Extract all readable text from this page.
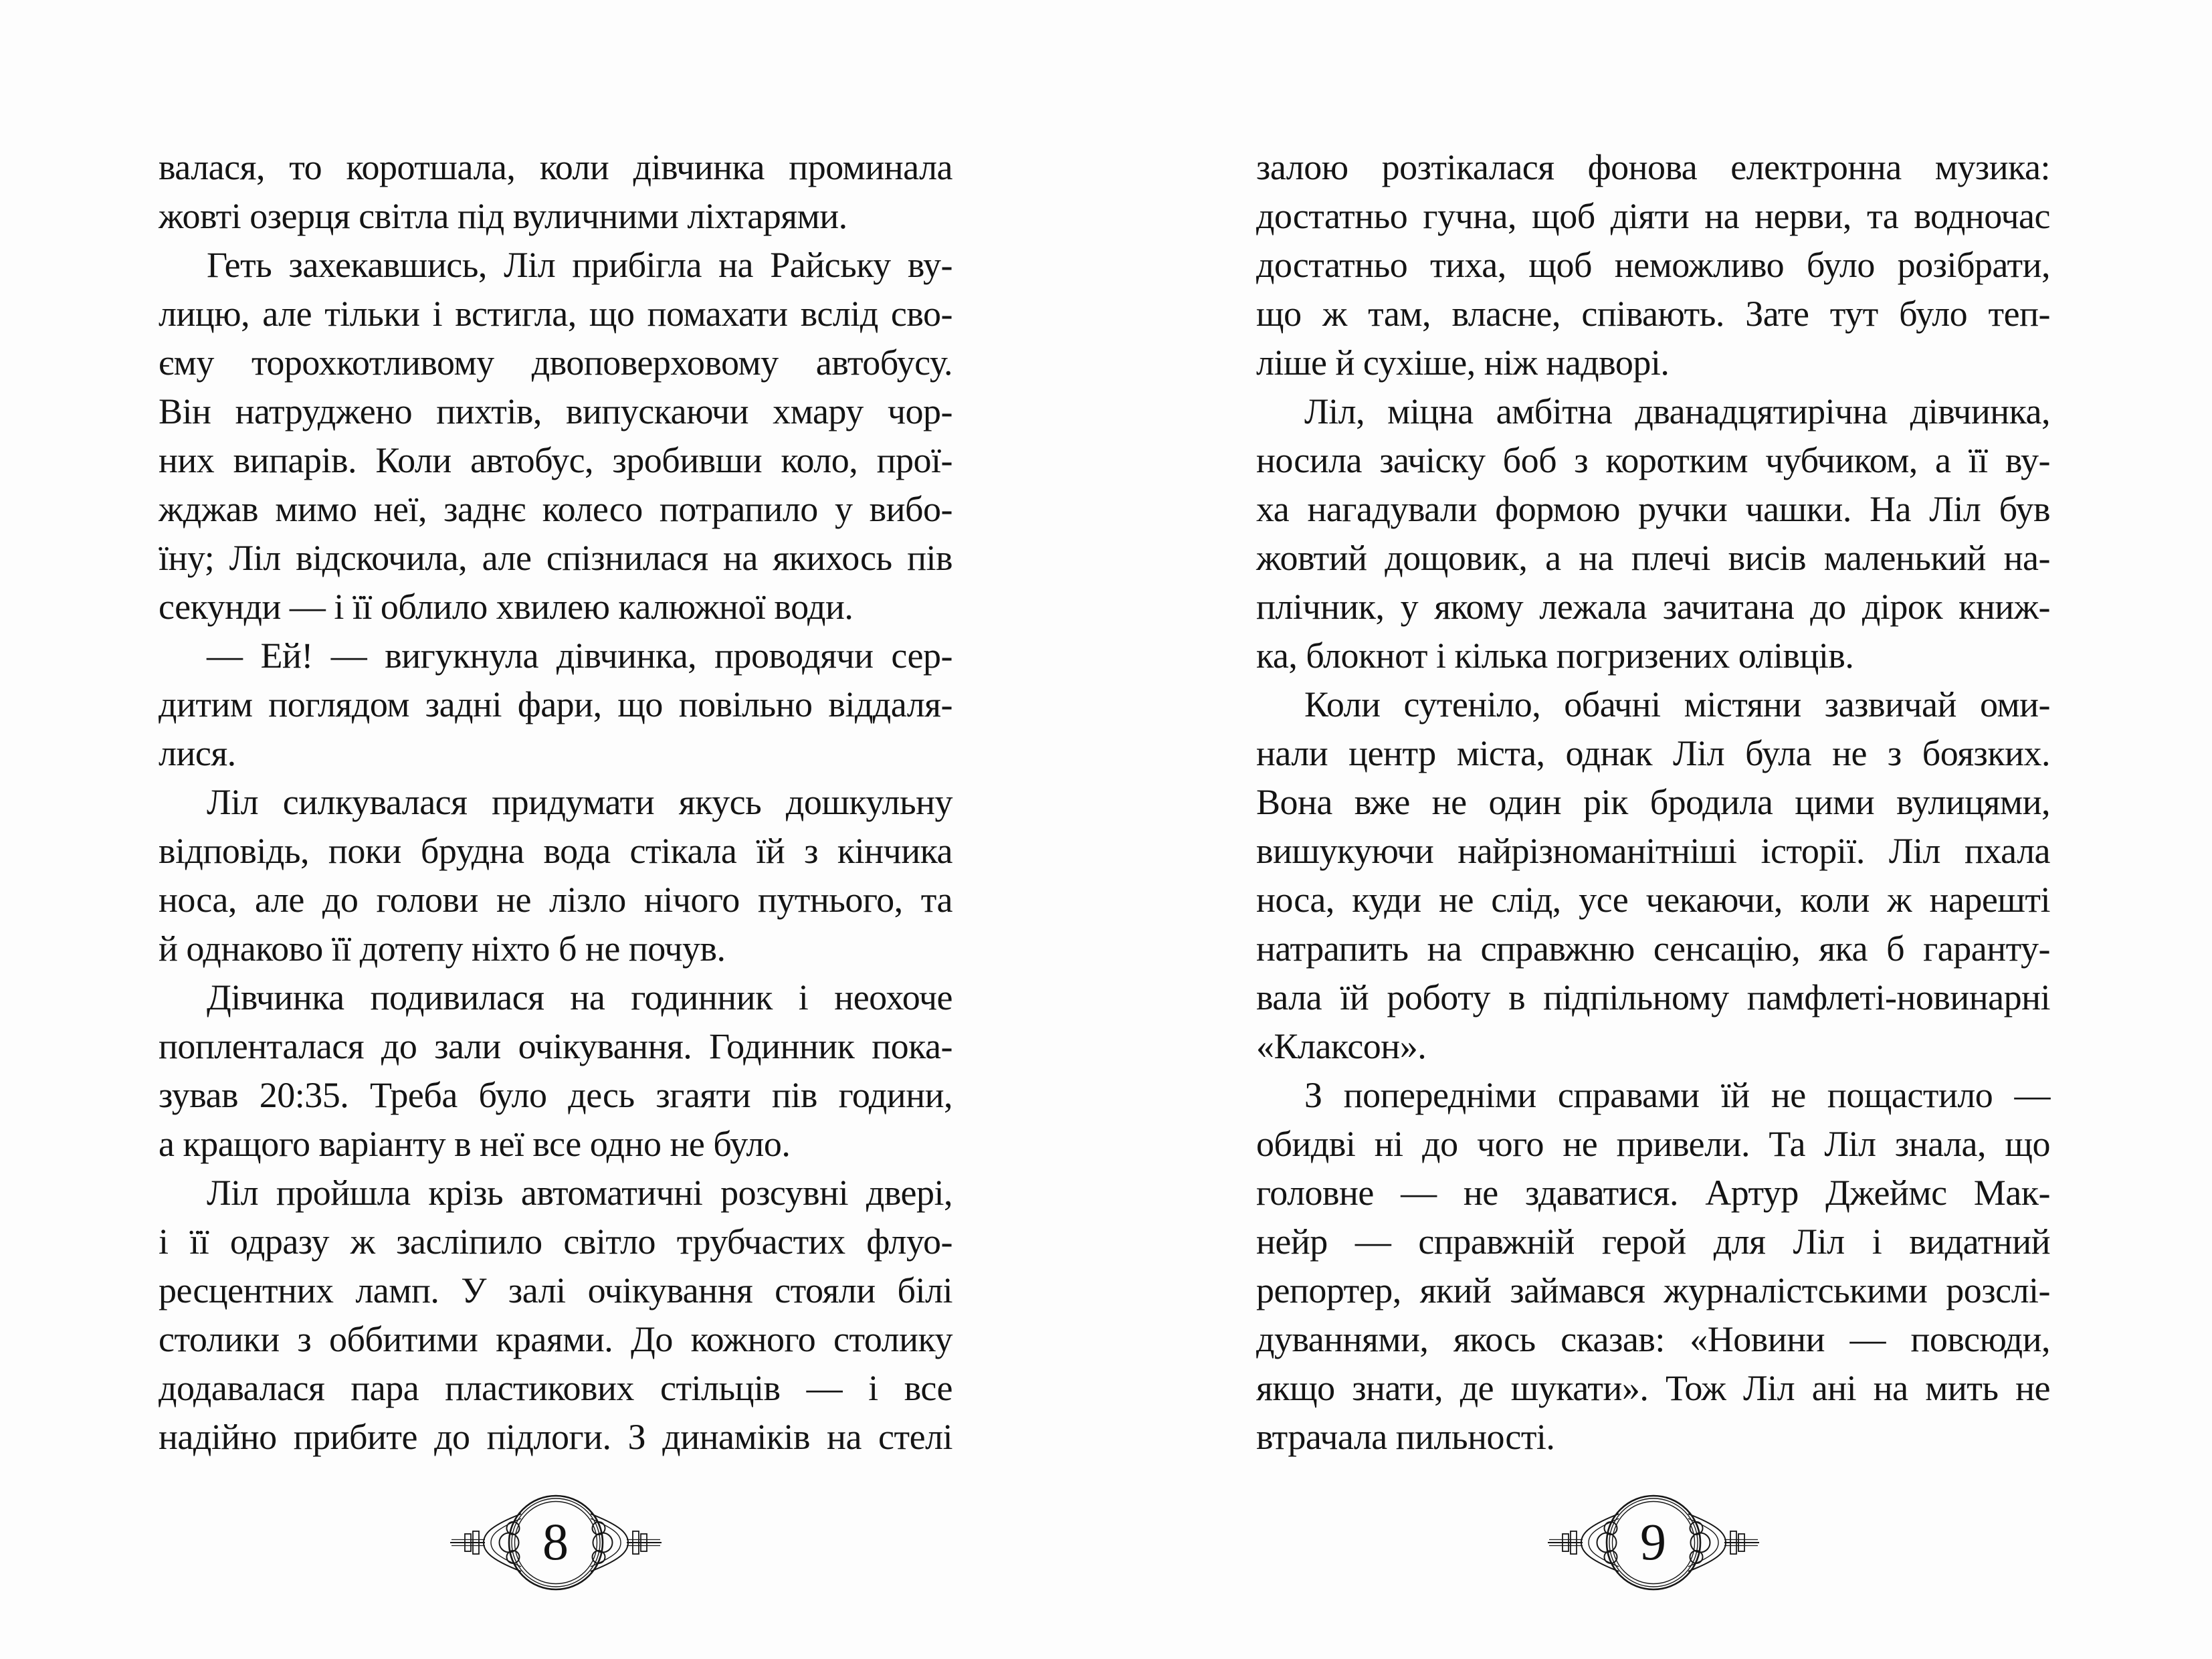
валася, то коротшала, коли дівчинка проминала
жовті озерця світла під вуличними ліхтарями.
Геть захекавшись, Ліл прибігла на Райську ву-
лицю, але тільки і встигла, що помахати вслід сво-
єму торохкотливому двоповерховому автобусу.
Він натруджено пихтів, випускаючи хмару чор-
них випарів. Коли автобус, зробивши коло, прої-
жджав мимо неї, заднє колесо потрапило у вибо-
їну; Ліл відскочила, але спізнилася на якихось пів
секунди — і її облило хвилею калюжної води.
— Ей! — вигукнула дівчинка, проводячи сер-
дитим поглядом задні фари, що повільно віддаля-
лися.
Ліл силкувалася придумати якусь дошкульну
відповідь, поки брудна вода стікала їй з кінчика
носа, але до голови не лізло нічого путнього, та
й однаково її дотепу ніхто б не почув.
Дівчинка подивилася на годинник і неохоче
попленталася до зали очікування. Годинник пока-
зував 20:35. Треба було десь згаяти пів години,
а кращого варіанту в неї все одно не було.
Ліл пройшла крізь автоматичні розсувні двері,
і її одразу ж засліпило світло трубчастих флуо-
ресцентних ламп. У залі очікування стояли білі
столики з оббитими краями. До кожного столику
додавалася пара пластикових стільців — і все
надійно прибите до підлоги. З динаміків на стелі
8
залою розтікалася фонова електронна музика:
достатньо гучна, щоб діяти на нерви, та водночас
достатньо тиха, щоб неможливо було розібрати,
що ж там, власне, співають. Зате тут було теп-
ліше й сухіше, ніж надворі.
Ліл, міцна амбітна дванадцятирічна дівчинка,
носила зачіску боб з коротким чубчиком, а її ву-
ха нагадували формою ручки чашки. На Ліл був
жовтий дощовик, а на плечі висів маленький на-
плічник, у якому лежала зачитана до дірок книж-
ка, блокнот і кілька погризених олівців.
Коли сутеніло, обачні містяни зазвичай оми-
нали центр міста, однак Ліл була не з боязких.
Вона вже не один рік бродила цими вулицями,
вишукуючи найрізноманітніші історії. Ліл пхала
носа, куди не слід, усе чекаючи, коли ж нарешті
натрапить на справжню сенсацію, яка б гаранту-
вала їй роботу в підпільному памфлеті-новинарні
«Клаксон».
З попередніми справами їй не пощастило —
обидві ні до чого не привели. Та Ліл знала, що
головне — не здаватися. Артур Джеймс Мак-
нейр — справжній герой для Ліл і видатний
репортер, який займався журналістськими розслі-
дуваннями, якось сказав: «Новини — повсюди,
якщо знати, де шукати». Тож Ліл ані на мить не
втрачала пильності.
9
